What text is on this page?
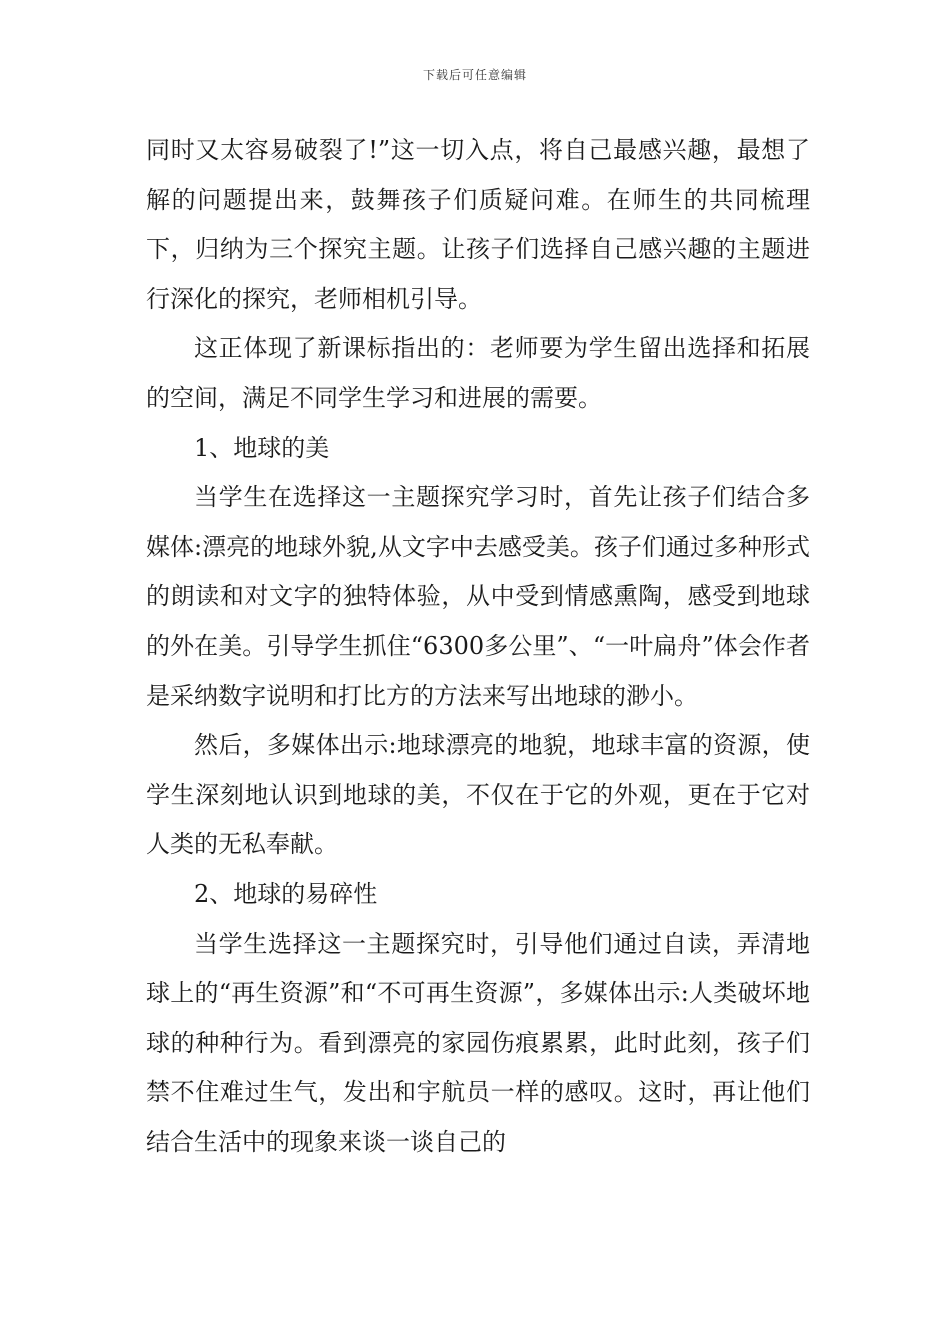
下载后可任意编辑

同时又太容易破裂了!”这一切入点，将自己最感兴趣，最想了解的问题提出来，鼓舞孩子们质疑问难。在师生的共同梳理下，归纳为三个探究主题。让孩子们选择自己感兴趣的主题进行深化的探究，老师相机引导。

这正体现了新课标指出的：老师要为学生留出选择和拓展的空间，满足不同学生学习和进展的需要。

1、地球的美

当学生在选择这一主题探究学习时，首先让孩子们结合多媒体:漂亮的地球外貌,从文字中去感受美。孩子们通过多种形式的朗读和对文字的独特体验，从中受到情感熏陶，感受到地球的外在美。引导学生抓住“6300多公里”、“一叶扁舟”体会作者是采纳数字说明和打比方的方法来写出地球的渺小。

然后，多媒体出示:地球漂亮的地貌，地球丰富的资源，使学生深刻地认识到地球的美，不仅在于它的外观，更在于它对人类的无私奉献。

2、地球的易碎性

当学生选择这一主题探究时，引导他们通过自读，弄清地球上的“再生资源”和“不可再生资源”，多媒体出示:人类破坏地球的种种行为。看到漂亮的家园伤痕累累，此时此刻，孩子们禁不住难过生气，发出和宇航员一样的感叹。这时，再让他们结合生活中的现象来谈一谈自己的
